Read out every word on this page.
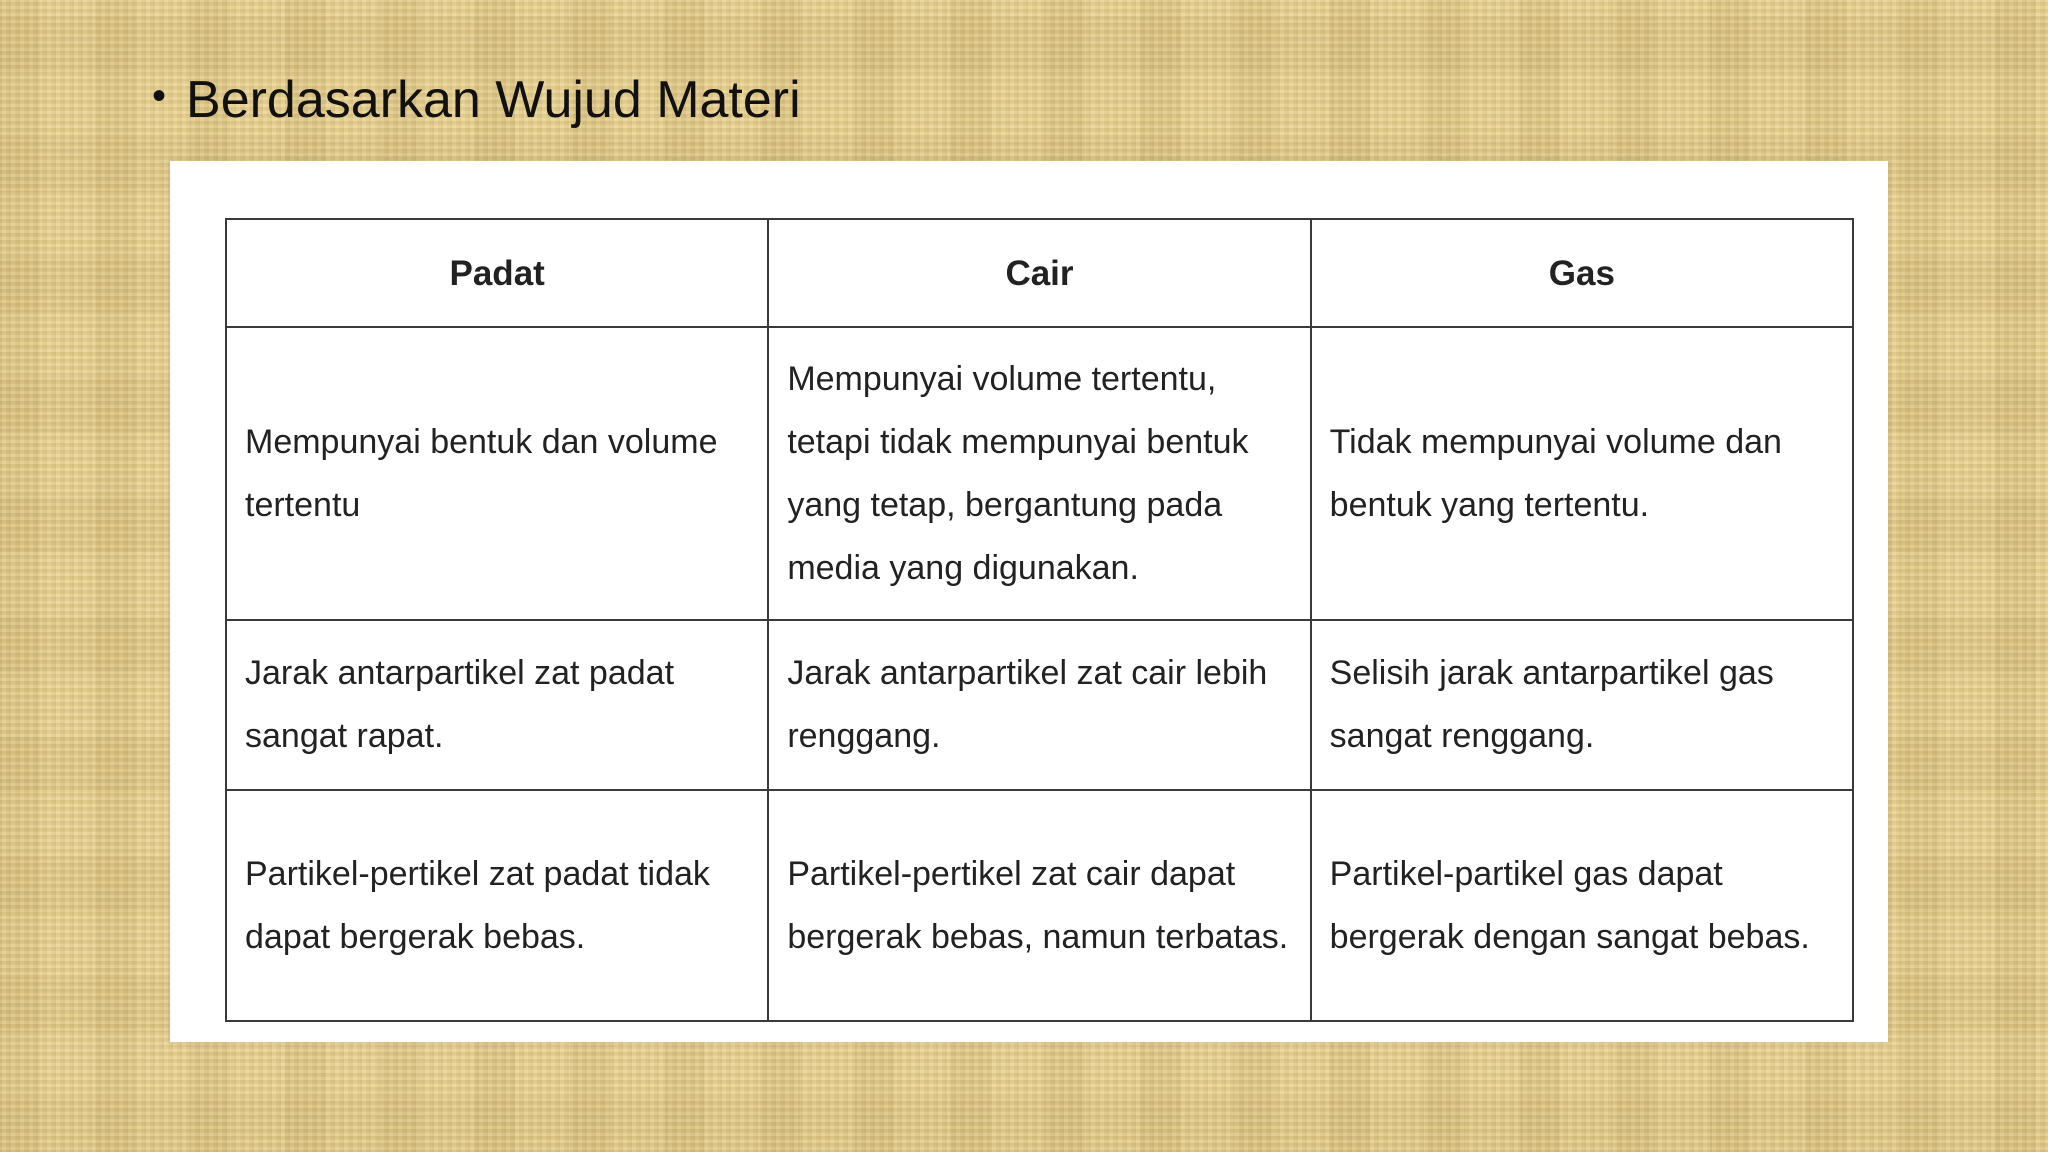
• Berdasarkan Wujud Materi
Padat	Cair	Gas
Mempunyai bentuk dan volume tertentu	Mempunyai volume tertentu, tetapi tidak mempunyai bentuk yang tetap, bergantung pada media yang digunakan.	Tidak mempunyai volume dan bentuk yang tertentu.
Jarak antarpartikel zat padat sangat rapat.	Jarak antarpartikel zat cair lebih renggang.	Selisih jarak antarpartikel gas sangat renggang.
Partikel-pertikel zat padat tidak dapat bergerak bebas.	Partikel-pertikel zat cair dapat bergerak bebas, namun terbatas.	Partikel-partikel gas dapat bergerak dengan sangat bebas.
